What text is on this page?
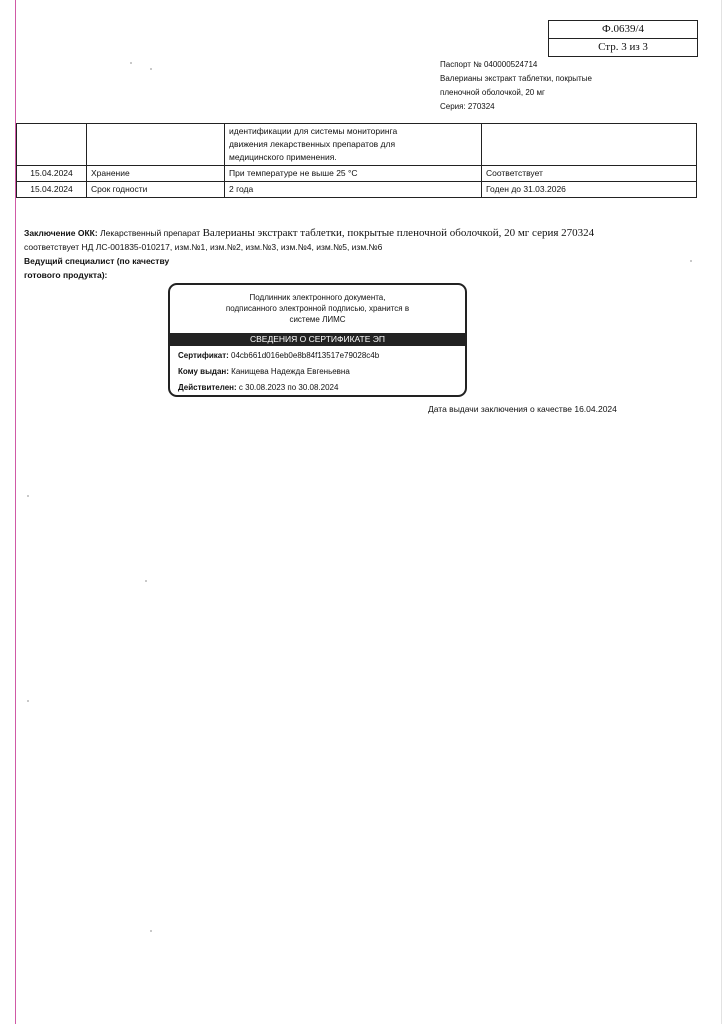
Ф.0639/4
Стр. 3 из 3
Паспорт № 040000524714
Валерианы экстракт таблетки, покрытые
пленочной оболочкой, 20 мг
Серия: 270324

		идентификации для системы мониторинга
движения лекарственных препаратов для
медицинского применения.	

15.04.2024	Хранение	При температуре не выше 25 °С	Соответствует
15.04.2024	Срок годности	2 года	Годен до 31.03.2026
Заключение ОКК: Лекарственный препарат Валерианы экстракт таблетки, покрытые пленочной оболочкой, 20 мг серия 270324
соответствует НД ЛС-001835-010217, изм.№1, изм.№2, изм.№3, изм.№4, изм.№5, изм.№6
Ведущий специалист (по качеству
готового продукта):
Подлинник электронного документа,
подписанного электронной подписью, хранится в
системе ЛИМС
СВЕДЕНИЯ О СЕРТИФИКАТЕ ЭП
Сертификат: 04cb661d016eb0e8b84f13517e79028c4b
Кому выдан: Канищева Надежда Евгеньевна
Действителен: с 30.08.2023 по 30.08.2024
Дата выдачи заключения о качестве 16.04.2024
